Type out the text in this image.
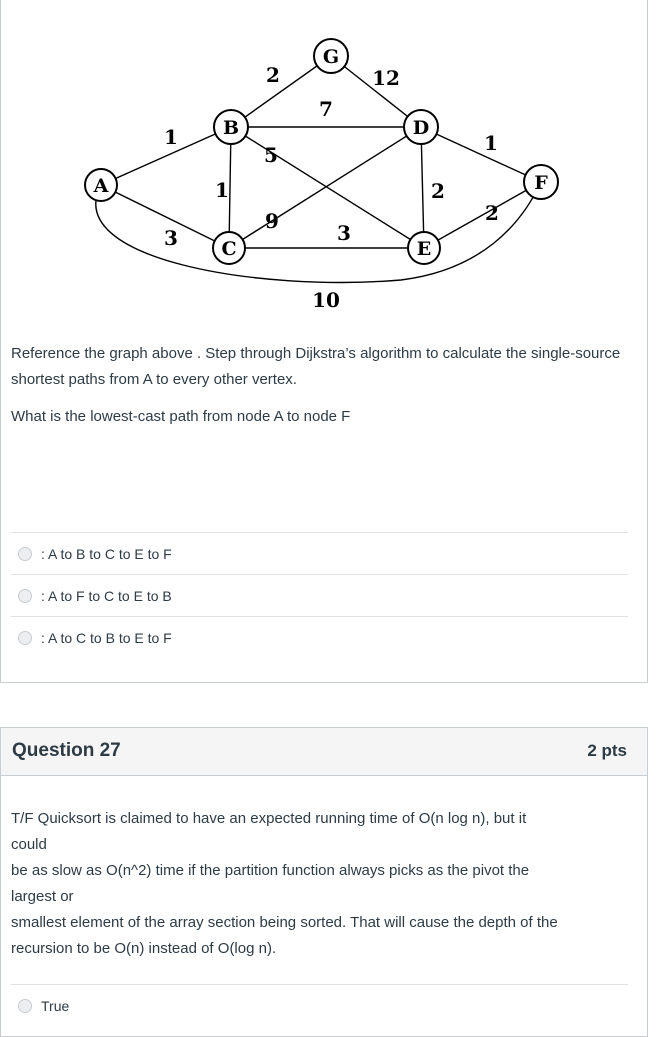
A
B
C
D
E
F
G
1
3
10
2
7
5
1
9	3
12
2
1
2

Reference the graph above . Step through Dijkstra’s algorithm to calculate the single-source shortest paths from A to every other vertex.

What is the lowest-cast path from node A to node F

: A to B to C to E to F
: A to F to C to E to B
: A to C to B to E to F
Question 27	2 pts
T/F Quicksort is claimed to have an expected running time of O(n log n), but it
could
be as slow as O(n^2) time if the partition function always picks as the pivot the
largest or
smallest element of the array section being sorted. That will cause the depth of the
recursion to be O(n) instead of O(log n).
True
